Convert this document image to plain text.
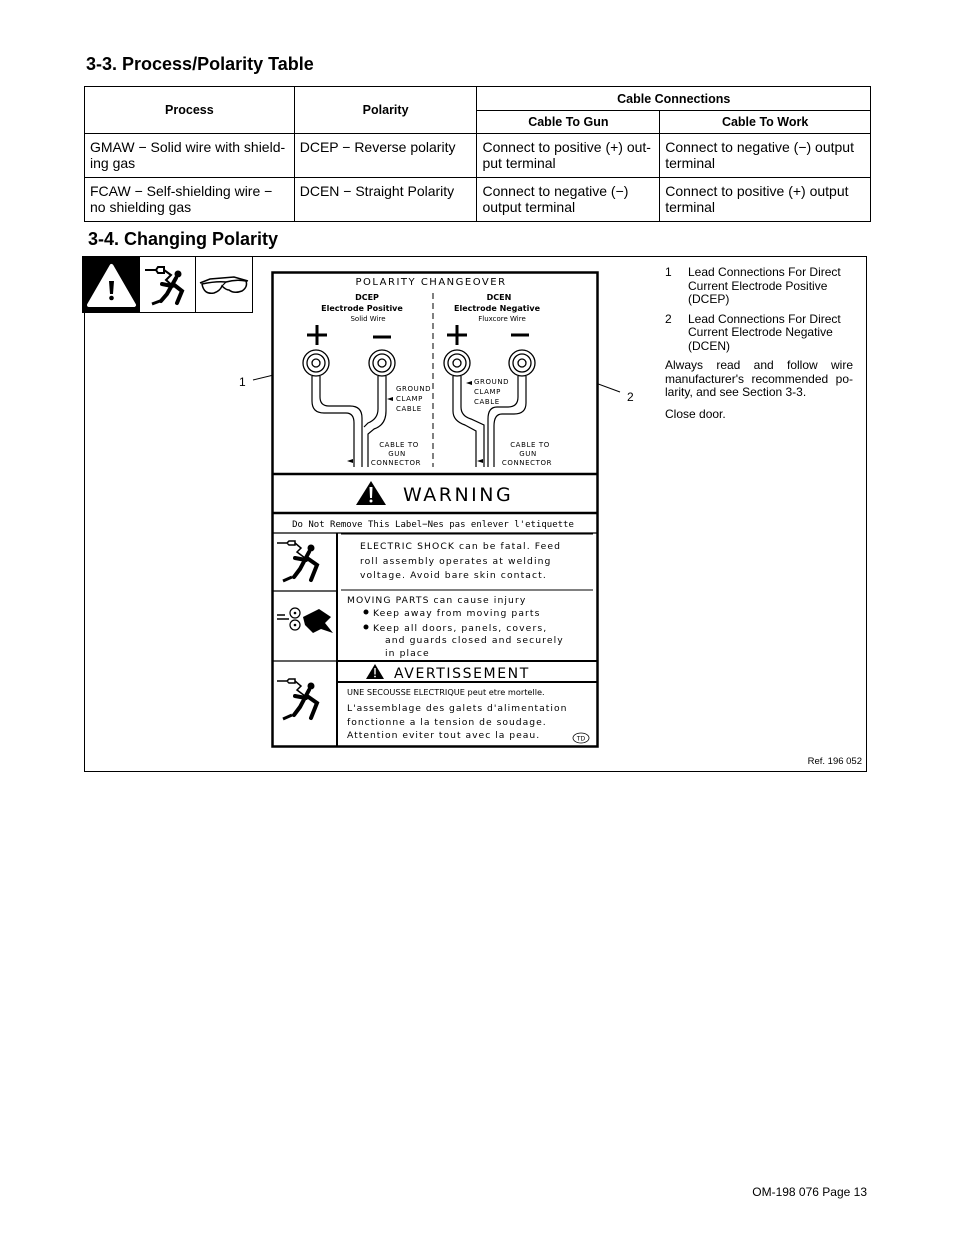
3-3. Process/Polarity Table
Process	Polarity	Cable Connections	
		Cable To Gun	Cable To Work
GMAW − Solid wire with shield-ing gas	DCEP − Reverse polarity	Connect to positive (+) out-put terminal	Connect to negative (−) output terminal
FCAW − Self-shielding wire − no shielding gas	DCEN − Straight Polarity	Connect to negative (−) output terminal	Connect to positive (+) output terminal
3-4. Changing Polarity
1
2
POLARITY CHANGEOVER
DCEP
Electrode Positive
Solid Wire
DCEN
Electrode Negative
Fluxcore Wire
GROUND
CLAMP
CABLE
GROUND
CLAMP
CABLE
CABLE TO
GUN
CONNECTOR
CABLE TO
GUN
CONNECTOR
WARNING
Do Not Remove This Label−Nes pas enlever l'etiquette
ELECTRIC SHOCK can be fatal. Feed
roll assembly operates at welding
voltage. Avoid bare skin contact.
MOVING PARTS can cause injury
Keep away from moving parts
Keep all doors, panels, covers,
and guards closed and securely
in place
AVERTISSEMENT
UNE SECOUSSE ELECTRIQUE peut etre mortelle.
L'assemblage des galets d'alimentation
fonctionne a la tension de soudage.
Attention eviter tout avec la peau.	TD
1	Lead Connections For Direct Current Electrode Positive (DCEP)
2	Lead Connections For Direct Current Electrode Negative (DCEN)

Always read and follow wire manufacturer's recommended po-larity, and see Section 3-3.

Close door.

Ref. 196 052
OM-198 076 Page 13
